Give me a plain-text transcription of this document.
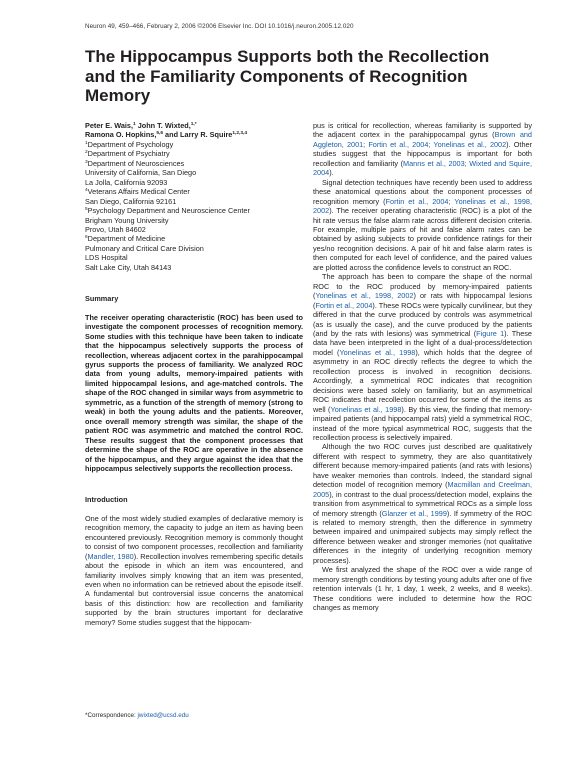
Neuron 49, 459–466, February 2, 2006 ©2006 Elsevier Inc. DOI 10.1016/j.neuron.2005.12.020
The Hippocampus Supports both the Recollection and the Familiarity Components of Recognition Memory
Peter E. Wais,$^1$ John T. Wixted,$^{1,*}$
Ramona O. Hopkins,$^{5,6}$ and Larry R. Squire$^{1,2,3,4}$

$^1$Department of Psychology

$^2$Department of Psychiatry

$^3$Department of Neurosciences

University of California, San Diego

La Jolla, California 92093

$^4$Veterans Affairs Medical Center

San Diego, California 92161

$^5$Psychology Department and Neuroscience Center

Brigham Young University

Provo, Utah 84602

$^6$Department of Medicine

Pulmonary and Critical Care Division

LDS Hospital

Salt Lake City, Utah 84143

Summary

The receiver operating characteristic (ROC) has been used to investigate the component processes of recognition memory. Some studies with this technique have been taken to indicate that the hippocampus selectively supports the process of recollection, whereas adjacent cortex in the parahippocampal gyrus supports the process of familiarity. We analyzed ROC data from young adults, memory-impaired patients with limited hippocampal lesions, and age-matched controls. The shape of the ROC changed in similar ways from asymmetric to symmetric, as a function of the strength of memory (strong to weak) in both the young adults and the patients. Moreover, once overall memory strength was similar, the shape of the patient ROC was asymmetric and matched the control ROC. These results suggest that the component processes that determine the shape of the ROC are operative in the absence of the hippocampus, and they argue against the idea that the hippocampus selectively supports the recollection process.

Introduction

One of the most widely studied examples of declarative memory is recognition memory, the capacity to judge an item as having been encountered previously. Recognition memory is commonly thought to consist of two component processes, recollection and familiarity (Mandler, 1980). Recollection involves remembering specific details about the episode in which an item was encountered, and familiarity involves simply knowing that an item was presented, even when no information can be retrieved about the episode itself. A fundamental but controversial issue concerns the anatomical basis of this distinction: how are recollection and familiarity supported by the brain structures important for declarative memory? Some studies suggest that the hippocam-

pus is critical for recollection, whereas familiarity is supported by the adjacent cortex in the parahippocampal gyrus (Brown and Aggleton, 2001; Fortin et al., 2004; Yonelinas et al., 2002). Other studies suggest that the hippocampus is important for both recollection and familiarity (Manns et al., 2003; Wixted and Squire, 2004).

Signal detection techniques have recently been used to address these anatomical questions about the component processes of recognition memory (Fortin et al., 2004; Yonelinas et al., 1998, 2002). The receiver operating characteristic (ROC) is a plot of the hit rate versus the false alarm rate across different decision criteria. For example, multiple pairs of hit and false alarm rates can be obtained by asking subjects to provide confidence ratings for their yes/no recognition decisions. A pair of hit and false alarm rates is then computed for each level of confidence, and the paired values are plotted across the confidence levels to construct an ROC.

The approach has been to compare the shape of the normal ROC to the ROC produced by memory-impaired patients (Yonelinas et al., 1998, 2002) or rats with hippocampal lesions (Fortin et al., 2004). These ROCs were typically curvilinear, but they differed in that the curve produced by controls was asymmetrical (as is usually the case), and the curve produced by the patients (and by the rats with lesions) was symmetrical (Figure 1). These data have been interpreted in the light of a dual-process/detection model (Yonelinas et al., 1998), which holds that the degree of asymmetry in an ROC directly reflects the degree to which the recollection process is involved in recognition decisions. Accordingly, a symmetrical ROC indicates that recognition decisions were based solely on familiarity, but an asymmetrical ROC indicates that recollection occurred for some of the items as well (Yonelinas et al., 1998). By this view, the finding that memory-impaired patients (and hippocampal rats) yield a symmetrical ROC, instead of the more typical asymmetrical ROC, suggests that the recollection process is selectively impaired.

Although the two ROC curves just described are qualitatively different with respect to symmetry, they are also quantitatively different because memory-impaired patients (and rats with lesions) have weaker memories than controls. Indeed, the standard signal detection model of recognition memory (Macmillan and Creelman, 2005), in contrast to the dual process/detection model, explains the transition from asymmetrical to symmetrical ROCs as a simple loss of memory strength (Glanzer et al., 1999). If symmetry of the ROC is related to memory strength, then the difference in symmetry between impaired and unimpaired subjects may simply reflect the difference between weaker and stronger memories (not qualitative differences in the integrity of underlying recognition memory processes).

We first analyzed the shape of the ROC over a wide range of memory strength conditions by testing young adults after one of five retention intervals (1 hr, 1 day, 1 week, 2 weeks, and 8 weeks). These conditions were included to determine how the ROC changes as memory

*Correspondence: jwixted@ucsd.edu
